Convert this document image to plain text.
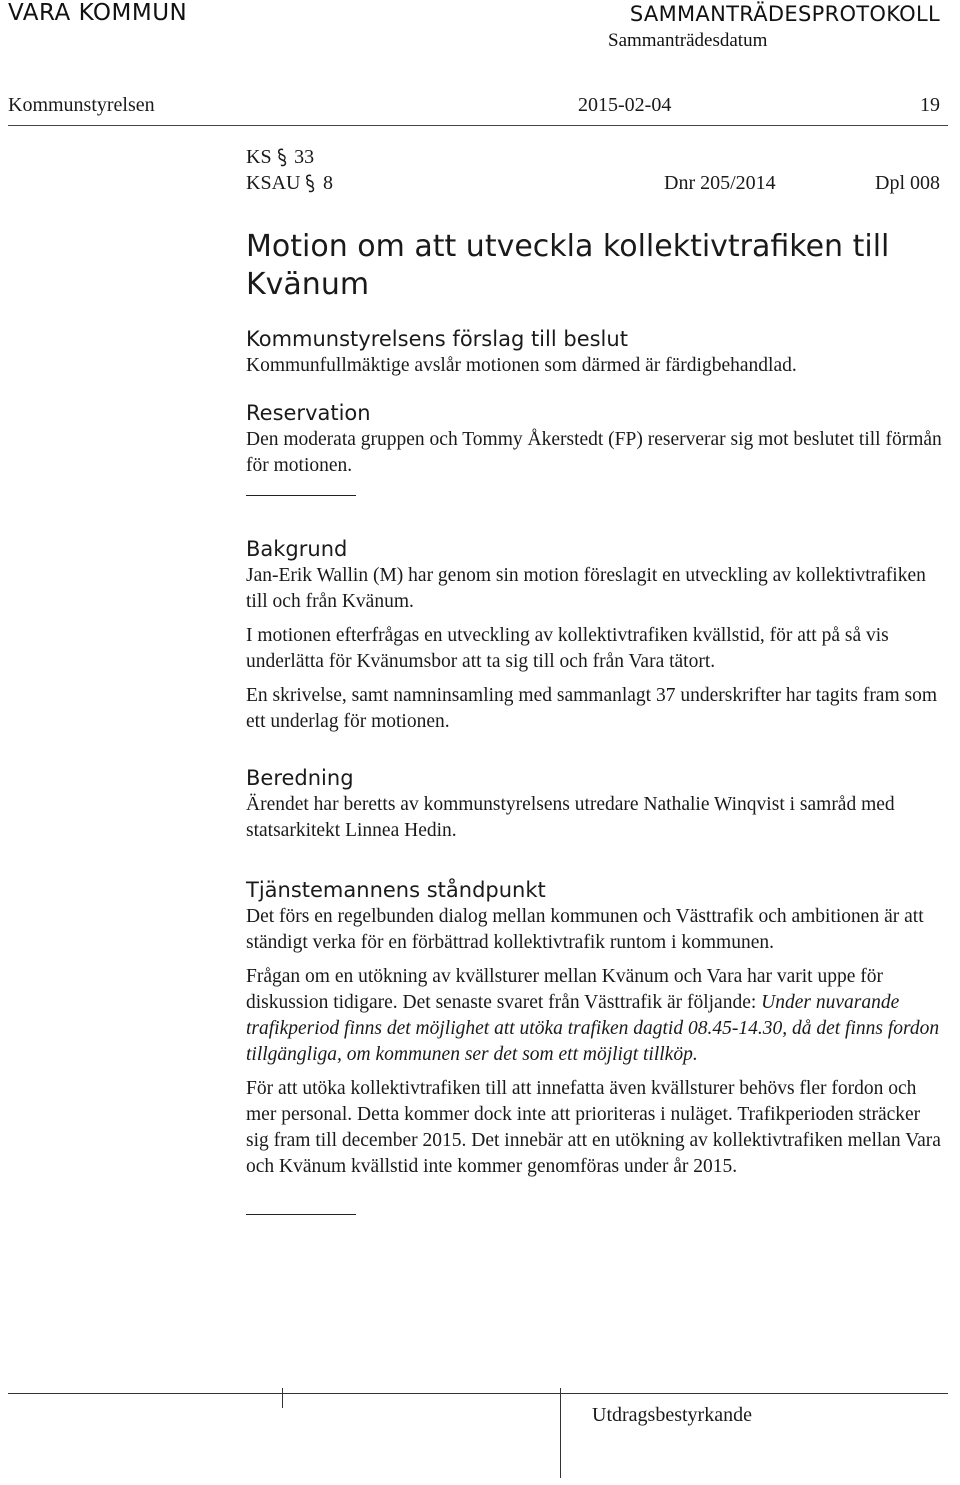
VARA KOMMUN	SAMMANTRÄDESPROTOKOLL
Sammanträdesdatum
Kommunstyrelsen	2015-02-04	19
KS § 33
KSAU § 8	Dnr 205/2014	Dpl 008
Motion om att utveckla kollektivtrafiken till Kvänum

Kommunstyrelsens förslag till beslut

Kommunfullmäktige avslår motionen som därmed är färdigbehandlad.

Reservation

Den moderata gruppen och Tommy Åkerstedt (FP) reserverar sig mot beslutet till förmån för motionen.

Bakgrund

Jan-Erik Wallin (M) har genom sin motion föreslagit en utveckling av kollektivtrafiken till och från Kvänum.

I motionen efterfrågas en utveckling av kollektivtrafiken kvällstid, för att på så vis underlätta för Kvänumsbor att ta sig till och från Vara tätort.

En skrivelse, samt namninsamling med sammanlagt 37 underskrifter har tagits fram som ett underlag för motionen.

Beredning

Ärendet har beretts av kommunstyrelsens utredare Nathalie Winqvist i samråd med statsarkitekt Linnea Hedin.

Tjänstemannens ståndpunkt

Det förs en regelbunden dialog mellan kommunen och Västtrafik och ambitionen är att ständigt verka för en förbättrad kollektivtrafik runtom i kommunen.

Frågan om en utökning av kvällsturer mellan Kvänum och Vara har varit uppe för diskussion tidigare. Det senaste svaret från Västtrafik är följande: Under nuvarande trafikperiod finns det möjlighet att utöka trafiken dagtid 08.45-14.30, då det finns fordon tillgängliga, om kommunen ser det som ett möjligt tillköp.

För att utöka kollektivtrafiken till att innefatta även kvällsturer behövs fler fordon och mer personal. Detta kommer dock inte att prioriteras i nuläget. Trafikperioden sträcker sig fram till december 2015. Det innebär att en utökning av kollektivtrafiken mellan Vara och Kvänum kvällstid inte kommer genomföras under år 2015.

Utdragsbestyrkande
